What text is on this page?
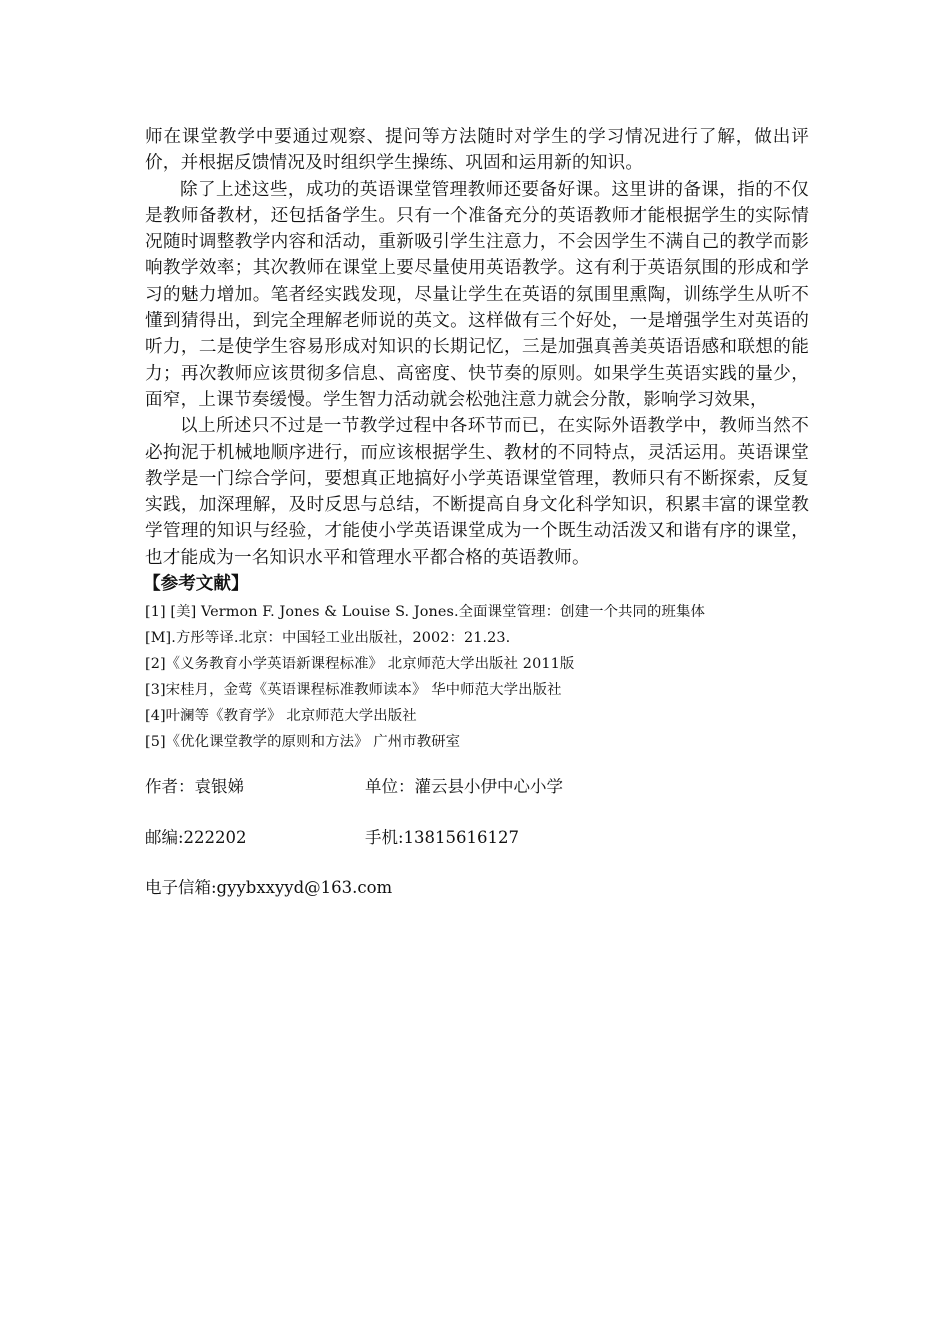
师在课堂教学中要通过观察、提问等方法随时对学生的学习情况进行了解，做出评价，并根据反馈情况及时组织学生操练、巩固和运用新的知识。

除了上述这些，成功的英语课堂管理教师还要备好课。这里讲的备课，指的不仅是教师备教材，还包括备学生。只有一个准备充分的英语教师才能根据学生的实际情况随时调整教学内容和活动，重新吸引学生注意力，不会因学生不满自己的教学而影响教学效率；其次教师在课堂上要尽量使用英语教学。这有利于英语氛围的形成和学习的魅力增加。笔者经实践发现，尽量让学生在英语的氛围里熏陶，训练学生从听不懂到猜得出，到完全理解老师说的英文。这样做有三个好处，一是增强学生对英语的听力，二是使学生容易形成对知识的长期记忆，三是加强真善美英语语感和联想的能力；再次教师应该贯彻多信息、高密度、快节奏的原则。如果学生英语实践的量少，面窄，上课节奏缓慢。学生智力活动就会松弛注意力就会分散，影响学习效果，

以上所述只不过是一节教学过程中各环节而已，在实际外语教学中，教师当然不必拘泥于机械地顺序进行，而应该根据学生、教材的不同特点，灵活运用。英语课堂教学是一门综合学问，要想真正地搞好小学英语课堂管理，教师只有不断探索，反复实践，加深理解，及时反思与总结，不断提高自身文化科学知识，积累丰富的课堂教学管理的知识与经验，才能使小学英语课堂成为一个既生动活泼又和谐有序的课堂，也才能成为一名知识水平和管理水平都合格的英语教师。

【参考文献】
[1] [美] Vermon F. Jones & Louise S. Jones.全面课堂管理：创建一个共同的班集体
[M].方彤等译.北京：中国轻工业出版社，2002：21.23.
[2]《义务教育小学英语新课程标准》 北京师范大学出版社 2011版
[3]宋桂月，金莺《英语课程标准教师读本》 华中师范大学出版社
[4]叶澜等《教育学》 北京师范大学出版社
[5]《优化课堂教学的原则和方法》 广州市教研室
作者：袁银娣	单位：灌云县小伊中心小学
邮编:222202	手机:13815616127
电子信箱:gyybxxyyd@163.com
